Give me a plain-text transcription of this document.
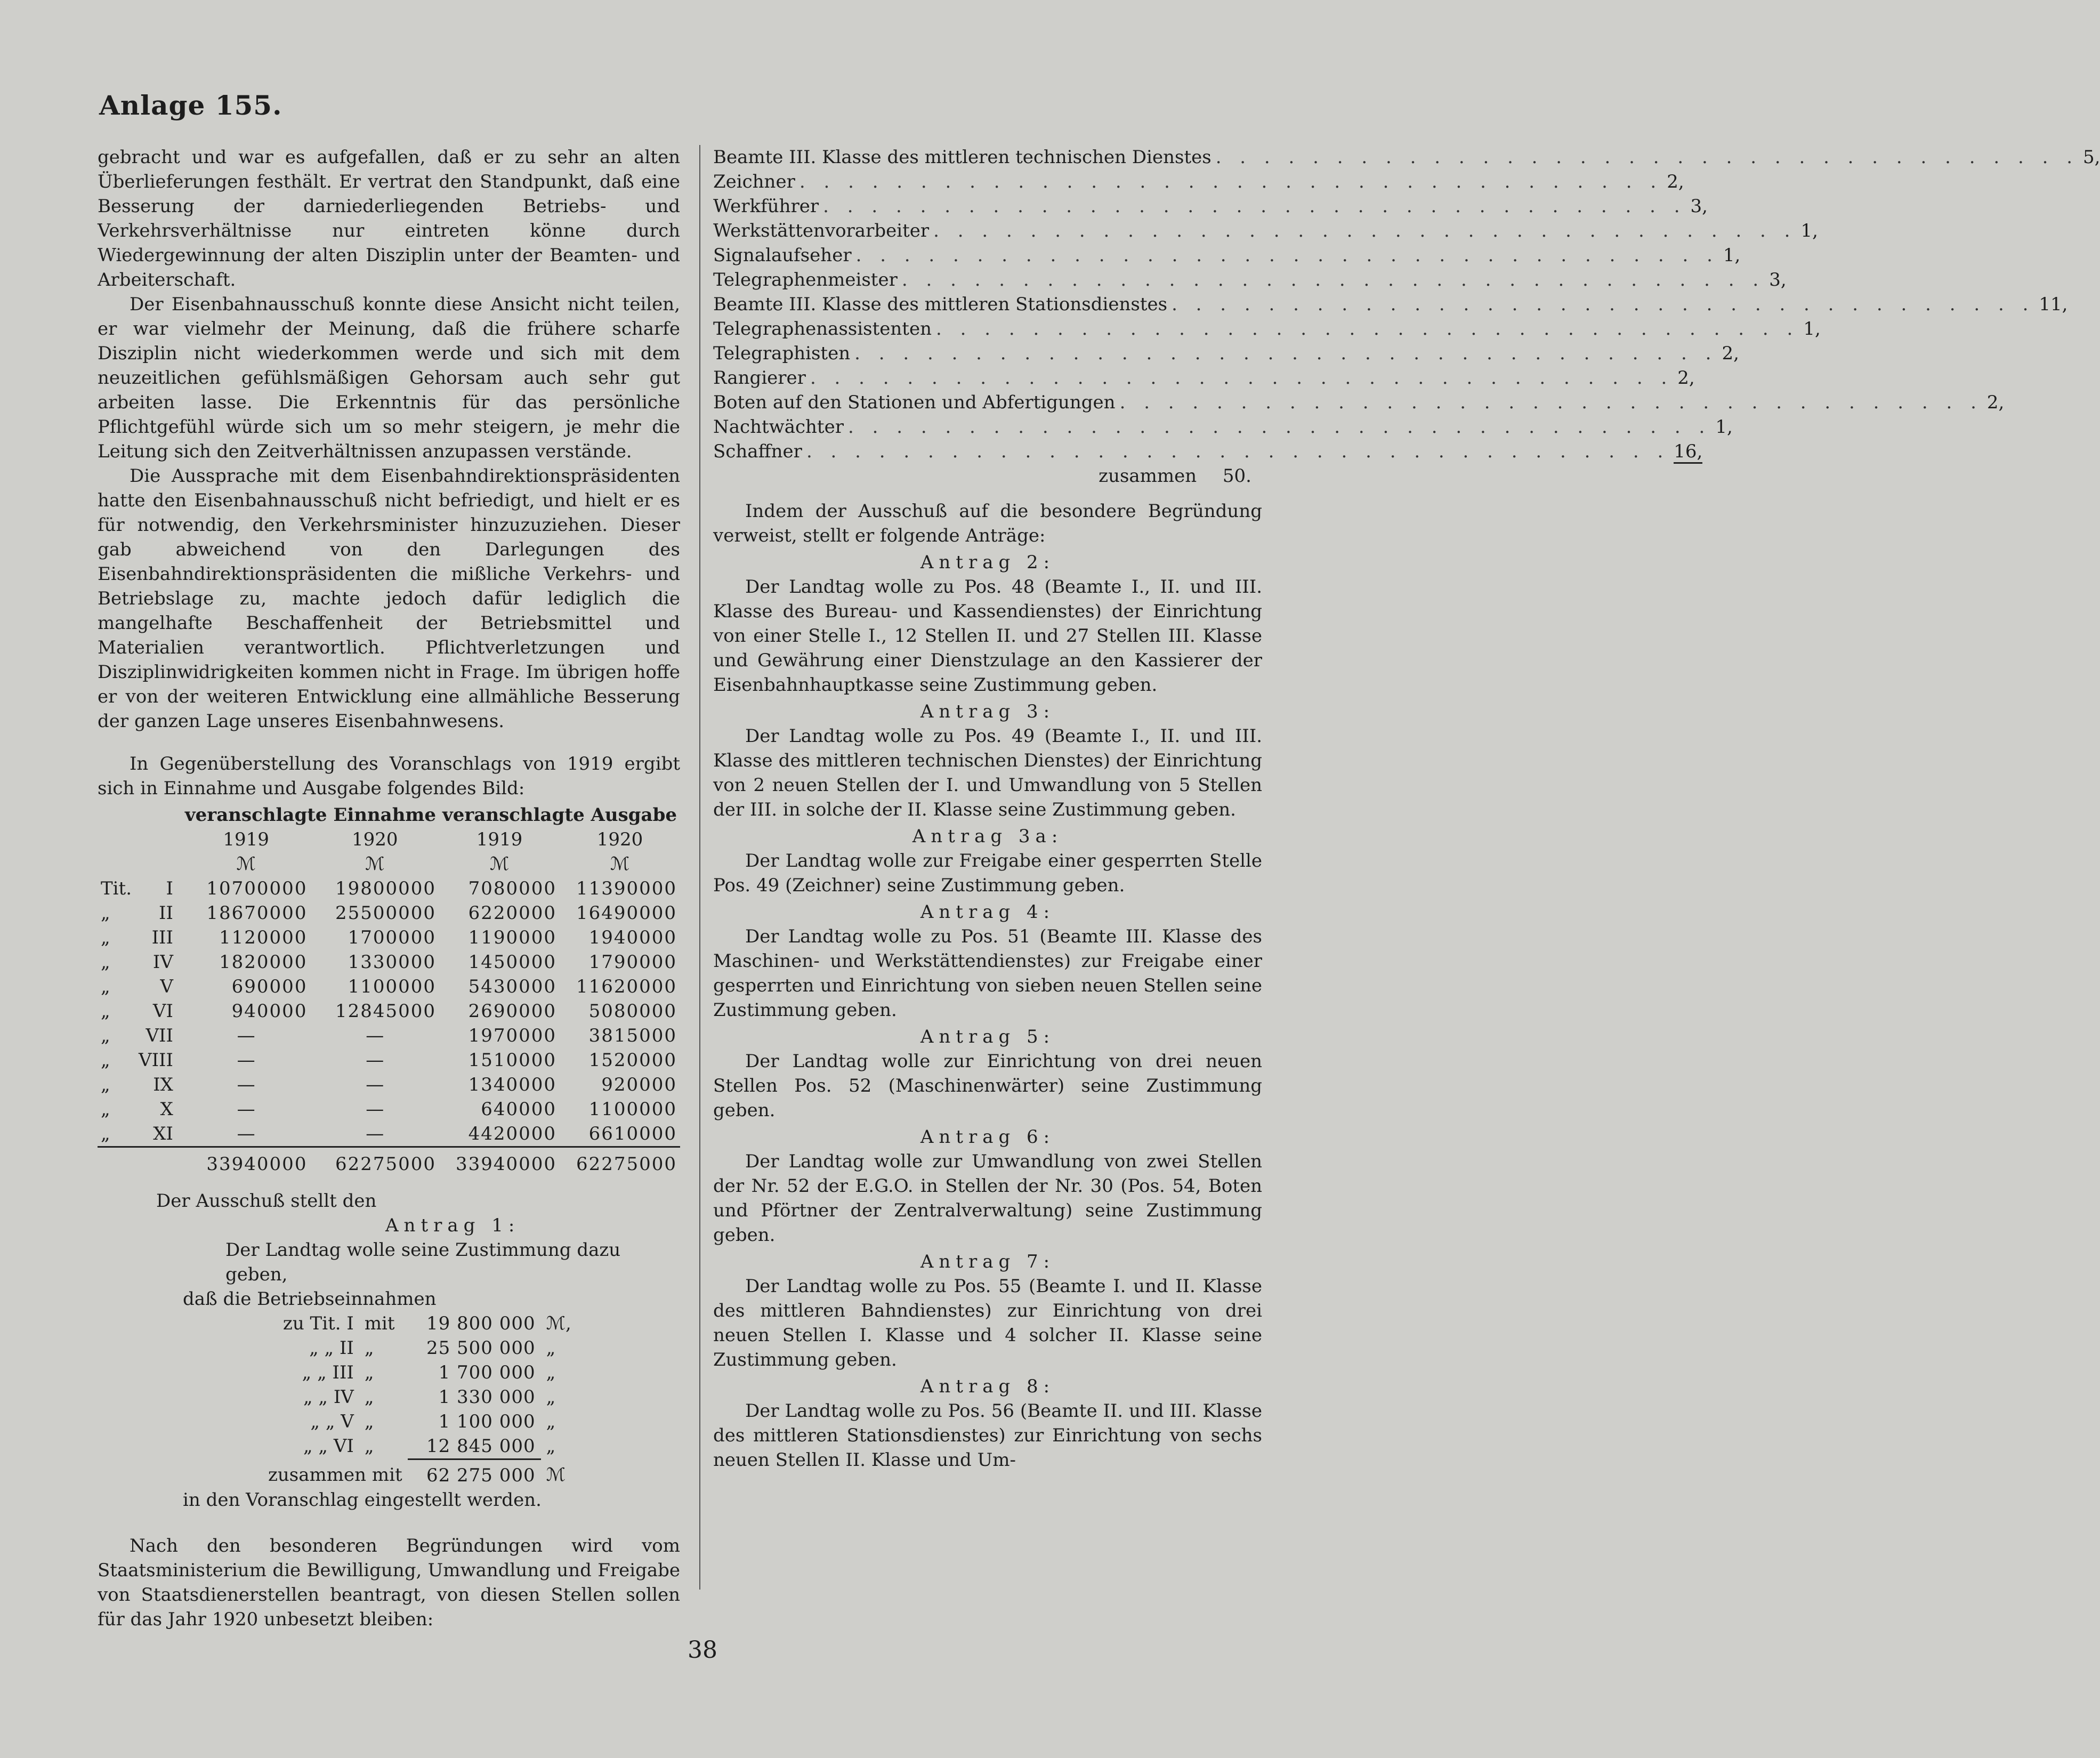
Anlage 155.

gebracht und war es aufgefallen, daß er zu sehr an alten Überlieferungen festhält. Er vertrat den Standpunkt, daß eine Besserung der darniederliegenden Betriebs- und Verkehrsverhältnisse nur eintreten könne durch Wiedergewinnung der alten Disziplin unter der Beamten- und Arbeiterschaft.

Der Eisenbahnausschuß konnte diese Ansicht nicht teilen, er war vielmehr der Meinung, daß die frühere scharfe Disziplin nicht wiederkommen werde und sich mit dem neuzeitlichen gefühlsmäßigen Gehorsam auch sehr gut arbeiten lasse. Die Erkenntnis für das persönliche Pflichtgefühl würde sich um so mehr steigern, je mehr die Leitung sich den Zeitverhältnissen anzupassen verstände.

Die Aussprache mit dem Eisenbahndirektionspräsidenten hatte den Eisenbahnausschuß nicht befriedigt, und hielt er es für notwendig, den Verkehrsminister hinzuzuziehen. Dieser gab abweichend von den Darlegungen des Eisenbahndirektionspräsidenten die mißliche Verkehrs- und Betriebslage zu, machte jedoch dafür lediglich die mangelhafte Beschaffenheit der Betriebsmittel und Materialien verantwortlich. Pflichtverletzungen und Disziplinwidrigkeiten kommen nicht in Frage. Im übrigen hoffe er von der weiteren Entwicklung eine allmähliche Besserung der ganzen Lage unseres Eisenbahnwesens.

In Gegenüberstellung des Voranschlags von 1919 ergibt sich in Einnahme und Ausgabe folgendes Bild:

		veranschlagte Einnahme		veranschlagte Ausgabe	
		1919	1920	1919	1920
		ℳ	ℳ	ℳ	ℳ
Tit.	I	10700000	19800000	7080000	11390000
„	II	18670000	25500000	6220000	16490000
„	III	1120000	1700000	1190000	1940000
„	IV	1820000	1330000	1450000	1790000
„	V	690000	1100000	5430000	11620000
„	VI	940000	12845000	2690000	5080000
„	VII	—	—	1970000	3815000
„	VIII	—	—	1510000	1520000
„	IX	—	—	1340000	920000
„	X	—	—	640000	1100000
„	XI	—	—	4420000	6610000
		33940000	62275000	33940000	62275000

Der Ausschuß stellt den

Antrag 1:

Der Landtag wolle seine Zustimmung dazu geben,

daß die Betriebseinnahmen

zu Tit. I	mit	19 800 000	ℳ,
„ „ II	„	25 500 000	„
„ „ III	„	1 700 000	„
„ „ IV	„	1 330 000	„
„ „ V	„	1 100 000	„
„ „ VI	„	12 845 000	„
zusammen mit		62 275 000	ℳ

in den Voranschlag eingestellt werden.

Nach den besonderen Begründungen wird vom Staatsministerium die Bewilligung, Umwandlung und Freigabe von Staatsdienerstellen beantragt, von diesen Stellen sollen für das Jahr 1920 unbesetzt bleiben:

Beamte III. Klasse des mittleren technischen Dienstes . . . . . . . . . . . . . . . . . . . . . . . . . . . . . . . . . . . . 5,
Zeichner . . . . . . . . . . . . . . . . . . . . . . . . . . . . . . . . . . . . 2,
Werkführer . . . . . . . . . . . . . . . . . . . . . . . . . . . . . . . . . . . . 3,
Werkstättenvorarbeiter . . . . . . . . . . . . . . . . . . . . . . . . . . . . . . . . . . . . 1,
Signalaufseher . . . . . . . . . . . . . . . . . . . . . . . . . . . . . . . . . . . . 1,
Telegraphenmeister . . . . . . . . . . . . . . . . . . . . . . . . . . . . . . . . . . . . 3,
Beamte III. Klasse des mittleren Stationsdienstes . . . . . . . . . . . . . . . . . . . . . . . . . . . . . . . . . . . . 11,
Telegraphenassistenten . . . . . . . . . . . . . . . . . . . . . . . . . . . . . . . . . . . . 1,
Telegraphisten . . . . . . . . . . . . . . . . . . . . . . . . . . . . . . . . . . . . 2,
Rangierer . . . . . . . . . . . . . . . . . . . . . . . . . . . . . . . . . . . . 2,
Boten auf den Stationen und Abfertigungen . . . . . . . . . . . . . . . . . . . . . . . . . . . . . . . . . . . . 2,
Nachtwächter . . . . . . . . . . . . . . . . . . . . . . . . . . . . . . . . . . . . 1,
Schaffner . . . . . . . . . . . . . . . . . . . . . . . . . . . . . . . . . . . . 16,
zusammen 50.

Indem der Ausschuß auf die besondere Begründung verweist, stellt er folgende Anträge:

Antrag 2:

Der Landtag wolle zu Pos. 48 (Beamte I., II. und III. Klasse des Bureau- und Kassendienstes) der Einrichtung von einer Stelle I., 12 Stellen II. und 27 Stellen III. Klasse und Gewährung einer Dienstzulage an den Kassierer der Eisenbahnhauptkasse seine Zustimmung geben.

Antrag 3:

Der Landtag wolle zu Pos. 49 (Beamte I., II. und III. Klasse des mittleren technischen Dienstes) der Einrichtung von 2 neuen Stellen der I. und Umwandlung von 5 Stellen der III. in solche der II. Klasse seine Zustimmung geben.

Antrag 3a:

Der Landtag wolle zur Freigabe einer gesperrten Stelle Pos. 49 (Zeichner) seine Zustimmung geben.

Antrag 4:

Der Landtag wolle zu Pos. 51 (Beamte III. Klasse des Maschinen- und Werkstättendienstes) zur Freigabe einer gesperrten und Einrichtung von sieben neuen Stellen seine Zustimmung geben.

Antrag 5:

Der Landtag wolle zur Einrichtung von drei neuen Stellen Pos. 52 (Maschinenwärter) seine Zustimmung geben.

Antrag 6:

Der Landtag wolle zur Umwandlung von zwei Stellen der Nr. 52 der E.G.O. in Stellen der Nr. 30 (Pos. 54, Boten und Pförtner der Zentralverwaltung) seine Zustimmung geben.

Antrag 7:

Der Landtag wolle zu Pos. 55 (Beamte I. und II. Klasse des mittleren Bahndienstes) zur Einrichtung von drei neuen Stellen I. Klasse und 4 solcher II. Klasse seine Zustimmung geben.

Antrag 8:

Der Landtag wolle zu Pos. 56 (Beamte II. und III. Klasse des mittleren Stationsdienstes) zur Einrichtung von sechs neuen Stellen II. Klasse und Um-

38
